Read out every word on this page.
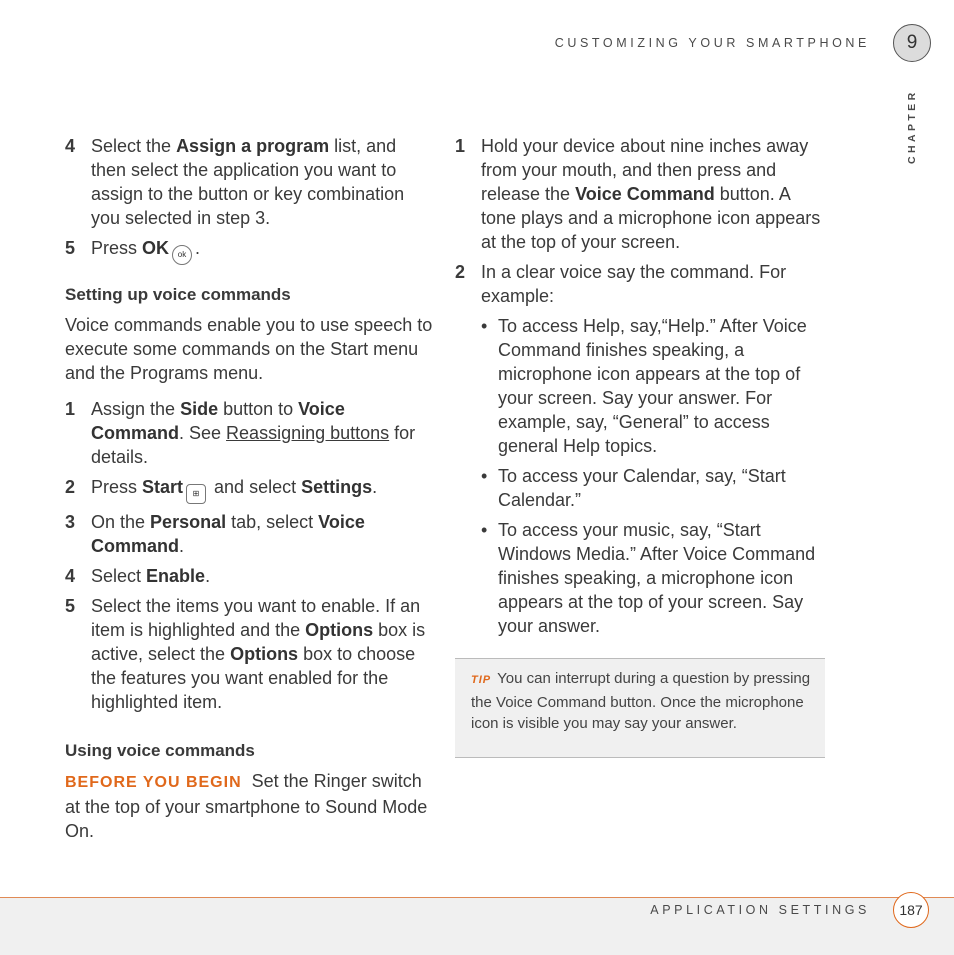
CUSTOMIZING YOUR SMARTPHONE	9
CHAPTER
4 Select the Assign a program list, and then select the application you want to assign to the button or key combination you selected in step 3.
5 Press OK ok .
Setting up voice commands
Voice commands enable you to use speech to execute some commands on the Start menu and the Programs menu.
1 Assign the Side button to Voice Command. See Reassigning buttons for details.
2 Press Start ⊞ and select Settings.
3 On the Personal tab, select Voice Command.
4 Select Enable.
5 Select the items you want to enable. If an item is highlighted and the Options box is active, select the Options box to choose the features you want enabled for the highlighted item.
Using voice commands
BEFORE YOU BEGIN Set the Ringer switch at the top of your smartphone to Sound Mode On.
1 Hold your device about nine inches away from your mouth, and then press and release the Voice Command button. A tone plays and a microphone icon appears at the top of your screen.
2 In a clear voice say the command. For example:
• To access Help, say,“Help.” After Voice Command finishes speaking, a microphone icon appears at the top of your screen. Say your answer. For example, say, “General” to access general Help topics.
• To access your Calendar, say, “Start Calendar.”
• To access your music, say, “Start Windows Media.” After Voice Command finishes speaking, a microphone icon appears at the top of your screen. Say your answer.
TIP You can interrupt during a question by pressing the Voice Command button. Once the microphone icon is visible you may say your answer.
APPLICATION SETTINGS	187
